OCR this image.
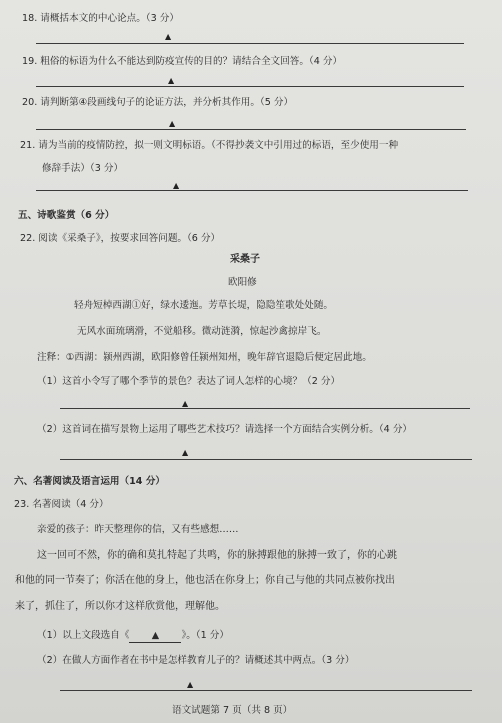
18. 请概括本文的中心论点。（3 分）
▲
19. 粗俗的标语为什么不能达到防疫宣传的目的？请结合全文回答。（4 分）
▲
20. 请判断第④段画线句子的论证方法，并分析其作用。（5 分）
▲
21. 请为当前的疫情防控，拟一则文明标语。（不得抄袭文中引用过的标语，至少使用一种
修辞手法）（3 分）
▲
五、诗歌鉴赏（6 分）
22. 阅读《采桑子》，按要求回答问题。（6 分）
采桑子
欧阳修
轻舟短棹西湖①好，绿水逶迤。芳草长堤，隐隐笙歌处处随。
无风水面琉璃滑，不觉船移。微动涟漪，惊起沙禽掠岸飞。
注释：①西湖：颍州西湖，欧阳修曾任颍州知州，晚年辞官退隐后便定居此地。
（1）这首小令写了哪个季节的景色？表达了词人怎样的心境？（2 分）
▲
（2）这首词在描写景物上运用了哪些艺术技巧？请选择一个方面结合实例分析。（4 分）
▲
六、名著阅读及语言运用（14 分）
23. 名著阅读（4 分）
亲爱的孩子：昨天整理你的信，又有些感想……
这一回可不然，你的确和莫扎特起了共鸣，你的脉搏跟他的脉搏一致了，你的心跳
和他的同一节奏了；你活在他的身上，他也活在你身上；你自己与他的共同点被你找出
来了，抓住了，所以你才这样欣赏他，理解他。
（1）以上文段选自《 ▲ 》。（1 分）
（2）在做人方面作者在书中是怎样教育儿子的？请概述其中两点。（3 分）
▲
语文试题第 7 页（共 8 页）
